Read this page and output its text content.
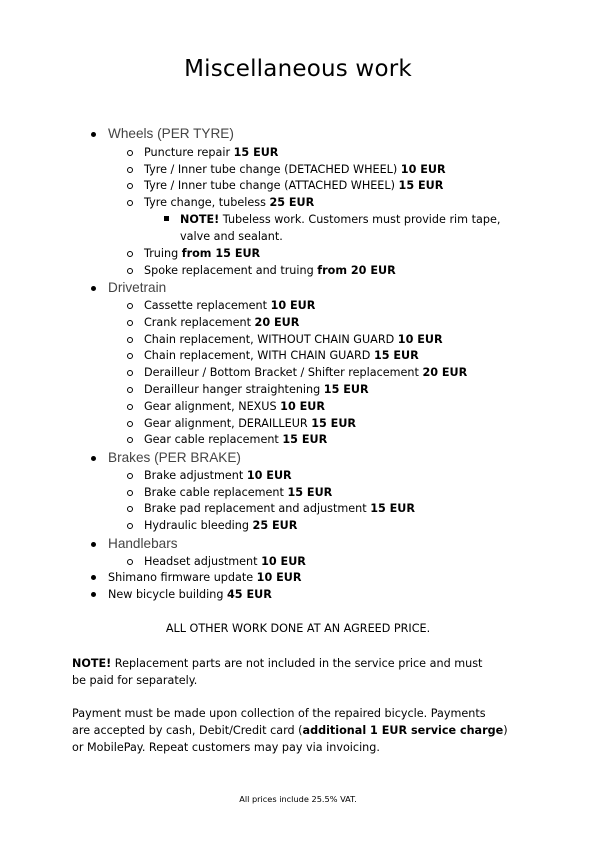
Miscellaneous work
Wheels (PER TYRE)
Puncture repair 15 EUR
Tyre / Inner tube change (DETACHED WHEEL) 10 EUR
Tyre / Inner tube change (ATTACHED WHEEL) 15 EUR
Tyre change, tubeless 25 EUR
NOTE! Tubeless work. Customers must provide rim tape,
valve and sealant.
Truing from 15 EUR
Spoke replacement and truing from 20 EUR
Drivetrain
Cassette replacement 10 EUR
Crank replacement 20 EUR
Chain replacement, WITHOUT CHAIN GUARD 10 EUR
Chain replacement, WITH CHAIN GUARD 15 EUR
Derailleur / Bottom Bracket / Shifter replacement 20 EUR
Derailleur hanger straightening 15 EUR
Gear alignment, NEXUS 10 EUR
Gear alignment, DERAILLEUR 15 EUR
Gear cable replacement 15 EUR
Brakes (PER BRAKE)
Brake adjustment 10 EUR
Brake cable replacement 15 EUR
Brake pad replacement and adjustment 15 EUR
Hydraulic bleeding 25 EUR
Handlebars
Headset adjustment 10 EUR
Shimano firmware update 10 EUR
New bicycle building 45 EUR
ALL OTHER WORK DONE AT AN AGREED PRICE.
NOTE! Replacement parts are not included in the service price and must
be paid for separately.
Payment must be made upon collection of the repaired bicycle. Payments
are accepted by cash, Debit/Credit card (additional 1 EUR service charge)
or MobilePay. Repeat customers may pay via invoicing.
All prices include 25.5% VAT.
